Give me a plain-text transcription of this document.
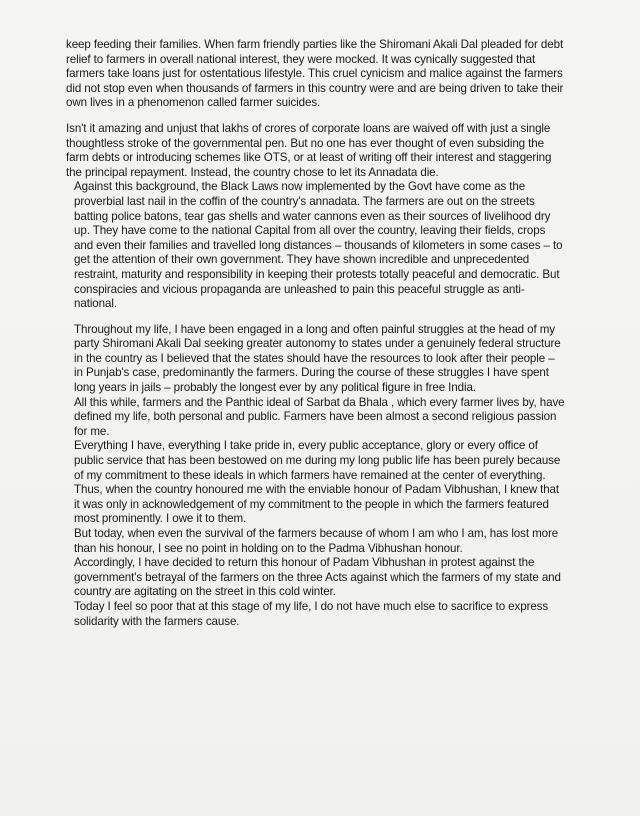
keep feeding their families. When farm friendly parties like the Shiromani Akali Dal pleaded for debt relief to farmers in overall national interest, they were mocked. It was cynically suggested that farmers take loans just for ostentatious lifestyle. This cruel cynicism and malice against the farmers did not stop even when thousands of farmers in this country were and are being driven to take their own lives in a phenomenon called farmer suicides.

Isn't it amazing and unjust that lakhs of crores of corporate loans are waived off with just a single thoughtless stroke of the governmental pen. But no one has ever thought of even subsiding the farm debts or introducing schemes like OTS, or at least of writing off their interest and staggering the principal repayment. Instead, the country chose to let its Annadata die.

Against this background, the Black Laws now implemented by the Govt have come as the proverbial last nail in the coffin of the country's annadata. The farmers are out on the streets batting police batons, tear gas shells and water cannons even as their sources of livelihood dry up. They have come to the national Capital from all over the country, leaving their fields, crops and even their families and travelled long distances – thousands of kilometers in some cases – to get the attention of their own government. They have shown incredible and unprecedented restraint, maturity and responsibility in keeping their protests totally peaceful and democratic. But conspiracies and vicious propaganda are unleashed to pain this peaceful struggle as anti-national.

Throughout my life, I have been engaged in a long and often painful struggles at the head of my party Shiromani Akali Dal seeking greater autonomy to states under a genuinely federal structure in the country as I believed that the states should have the resources to look after their people – in Punjab's case, predominantly the farmers. During the course of these struggles I have spent long years in jails – probably the longest ever by any political figure in free India.

All this while, farmers and the Panthic ideal of Sarbat da Bhala , which every farmer lives by, have defined my life, both personal and public. Farmers have been almost a second religious passion for me.

Everything I have, everything I take pride in, every public acceptance, glory or every office of public service that has been bestowed on me during my long public life has been purely because of my commitment to these ideals in which farmers have remained at the center of everything.

Thus, when the country honoured me with the enviable honour of Padam Vibhushan, I knew that it was only in acknowledgement of my commitment to the people in which the farmers featured most prominently. I owe it to them.

But today, when even the survival of the farmers because of whom I am who I am, has lost more than his honour, I see no point in holding on to the Padma Vibhushan honour.

Accordingly, I have decided to return this honour of Padam Vibhushan in protest against the government's betrayal of the farmers on the three Acts against which the farmers of my state and country are agitating on the street in this cold winter.

Today I feel so poor that at this stage of my life, I do not have much else to sacrifice to express solidarity with the farmers cause.
